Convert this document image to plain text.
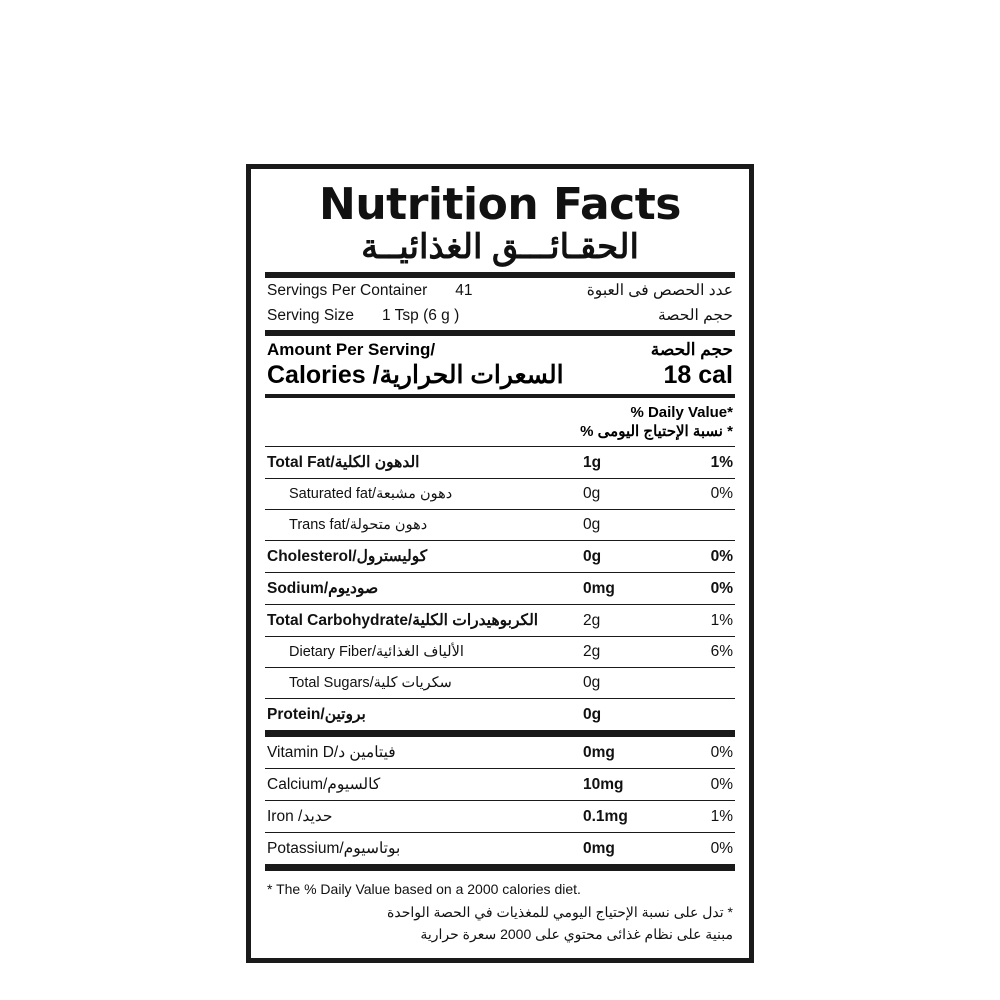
Nutrition Facts
الحقـائـــق الغذائيــة
Servings Per Container 41	عدد الحصص فى العبوة
Serving Size 1 Tsp (6 g )	حجم الحصة
Amount Per Serving/	حجم الحصة
Calories /السعرات الحرارية	18 cal
% Daily Value*
* نسبة الإحتياج اليومى %
Total Fat/الدهون الكلية	1g	1%
Saturated fat/دهون مشبعة	0g	0%
Trans fat/دهون متحولة	0g
Cholesterol/كوليسترول	0g	0%
Sodium/صوديوم	0mg	0%
Total Carbohydrate/الكربوهيدرات الكلية	2g	1%
Dietary Fiber/الألياف الغذائية	2g	6%
Total Sugars/سكريات كلية	0g
Protein/بروتين	0g
Vitamin D/فيتامين د	0mg	0%
Calcium/كالسيوم	10mg	0%
Iron /حديد	0.1mg	1%
Potassium/بوتاسيوم	0mg	0%
* The % Daily Value based on a 2000 calories diet.
* تدل على نسبة الإحتياج اليومي للمغذيات في الحصة الواحدة
مبنية على نظام غذائى محتوي على 2000 سعرة حرارية
